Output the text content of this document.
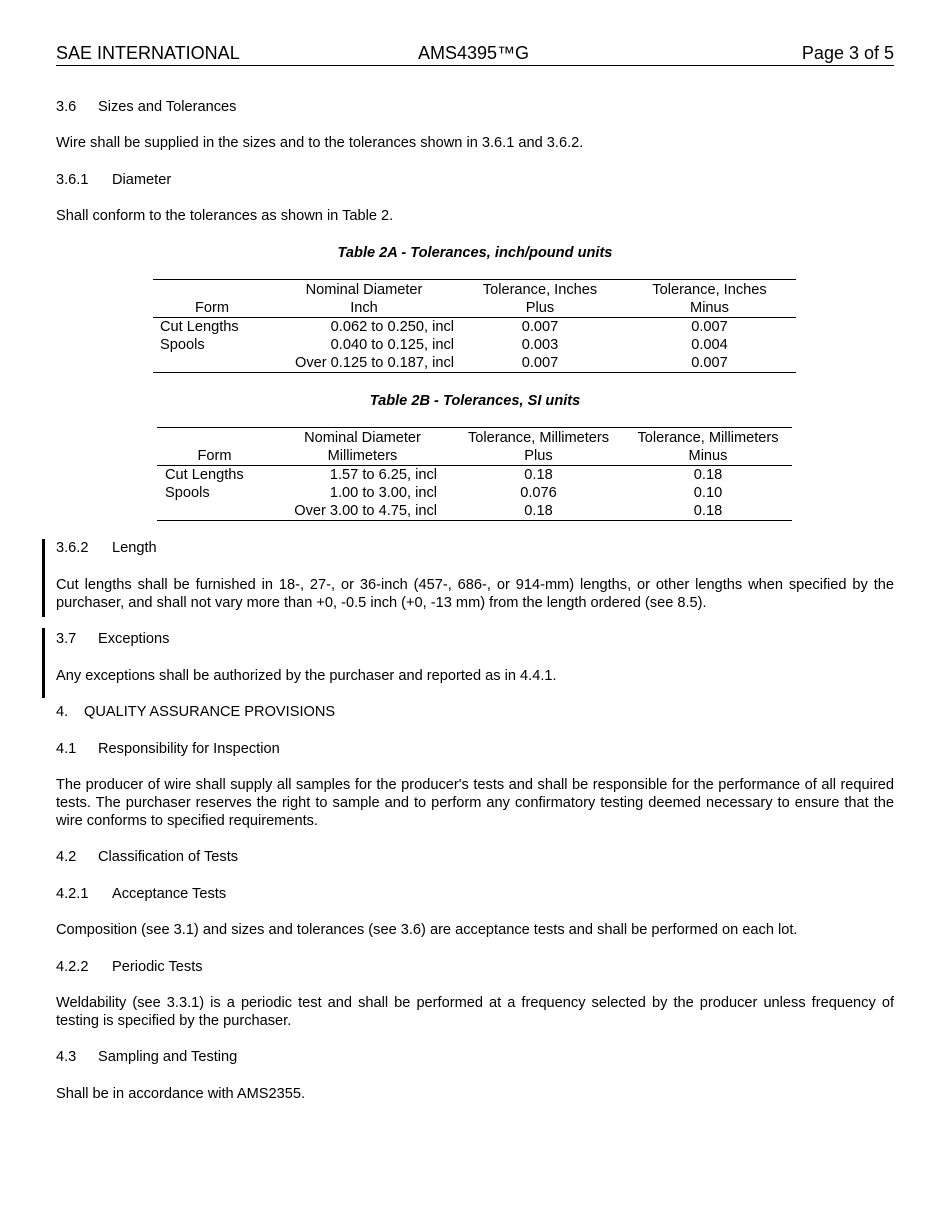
SAE INTERNATIONAL	AMS4395™G	Page 3 of 5
3.6 Sizes and Tolerances
Wire shall be supplied in the sizes and to the tolerances shown in 3.6.1 and 3.6.2.
3.6.1 Diameter
Shall conform to the tolerances as shown in Table 2.
Table 2A - Tolerances, inch/pound units
	Nominal Diameter	Tolerance, Inches	Tolerance, Inches
Form	Inch	Plus	Minus
Cut Lengths	0.062 to 0.250, incl	0.007	0.007
Spools	0.040 to 0.125, incl	0.003	0.004
	Over 0.125 to 0.187, incl	0.007	0.007
Table 2B - Tolerances, SI units
	Nominal Diameter	Tolerance, Millimeters	Tolerance, Millimeters
Form	Millimeters	Plus	Minus
Cut Lengths	1.57 to 6.25, incl	0.18	0.18
Spools	1.00 to 3.00, incl	0.076	0.10
	Over 3.00 to 4.75, incl	0.18	0.18
3.6.2 Length
Cut lengths shall be furnished in 18-, 27-, or 36-inch (457-, 686-, or 914-mm) lengths, or other lengths when specified by the purchaser, and shall not vary more than +0, -0.5 inch (+0, -13 mm) from the length ordered (see 8.5).
3.7 Exceptions
Any exceptions shall be authorized by the purchaser and reported as in 4.4.1.
4. QUALITY ASSURANCE PROVISIONS
4.1 Responsibility for Inspection
The producer of wire shall supply all samples for the producer's tests and shall be responsible for the performance of all required tests. The purchaser reserves the right to sample and to perform any confirmatory testing deemed necessary to ensure that the wire conforms to specified requirements.
4.2 Classification of Tests
4.2.1 Acceptance Tests
Composition (see 3.1) and sizes and tolerances (see 3.6) are acceptance tests and shall be performed on each lot.
4.2.2 Periodic Tests
Weldability (see 3.3.1) is a periodic test and shall be performed at a frequency selected by the producer unless frequency of testing is specified by the purchaser.
4.3 Sampling and Testing
Shall be in accordance with AMS2355.
